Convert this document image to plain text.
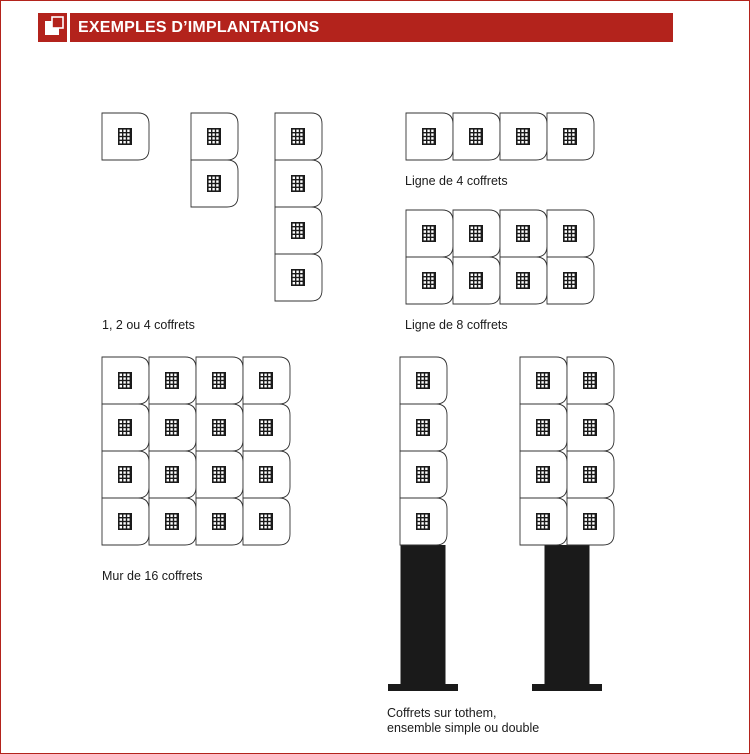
EXEMPLES D’IMPLANTATIONS
1, 2 ou 4 coffrets
Ligne de 4 coffrets
Ligne de 8 coffrets
Mur de 16 coffrets
Coffrets sur tothem,
ensemble simple ou double
